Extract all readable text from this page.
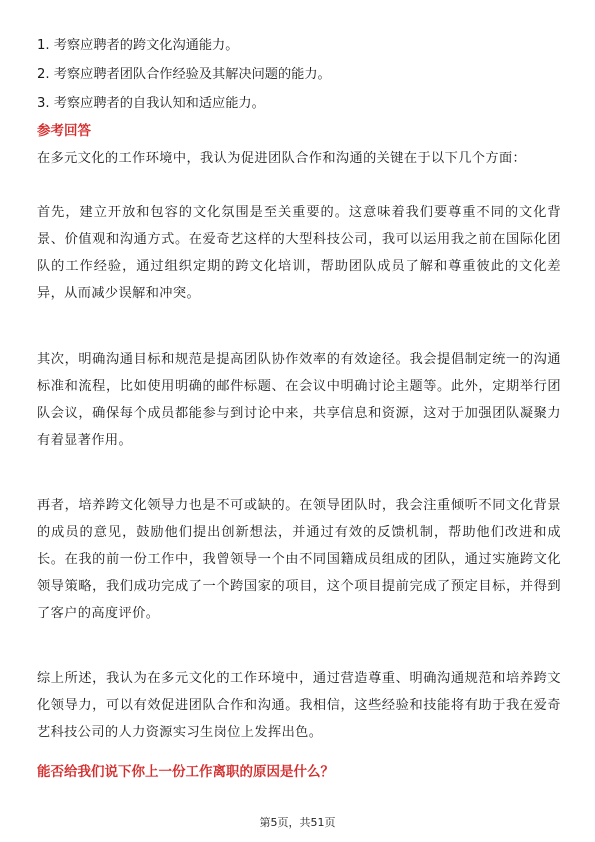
1. 考察应聘者的跨文化沟通能力。
2. 考察应聘者团队合作经验及其解决问题的能力。
3. 考察应聘者的自我认知和适应能力。
参考回答

在多元文化的工作环境中，我认为促进团队合作和沟通的关键在于以下几个方面：

首先，建立开放和包容的文化氛围是至关重要的。这意味着我们要尊重不同的文化背景、价值观和沟通方式。在爱奇艺这样的大型科技公司，我可以运用我之前在国际化团队的工作经验，通过组织定期的跨文化培训，帮助团队成员了解和尊重彼此的文化差异，从而减少误解和冲突。

其次，明确沟通目标和规范是提高团队协作效率的有效途径。我会提倡制定统一的沟通标准和流程，比如使用明确的邮件标题、在会议中明确讨论主题等。此外，定期举行团队会议，确保每个成员都能参与到讨论中来，共享信息和资源，这对于加强团队凝聚力有着显著作用。

再者，培养跨文化领导力也是不可或缺的。在领导团队时，我会注重倾听不同文化背景的成员的意见，鼓励他们提出创新想法，并通过有效的反馈机制，帮助他们改进和成长。在我的前一份工作中，我曾领导一个由不同国籍成员组成的团队，通过实施跨文化领导策略，我们成功完成了一个跨国家的项目，这个项目提前完成了预定目标，并得到了客户的高度评价。

综上所述，我认为在多元文化的工作环境中，通过营造尊重、明确沟通规范和培养跨文化领导力，可以有效促进团队合作和沟通。我相信，这些经验和技能将有助于我在爱奇艺科技公司的人力资源实习生岗位上发挥出色。

能否给我们说下你上一份工作离职的原因是什么？
第5页，共51页
